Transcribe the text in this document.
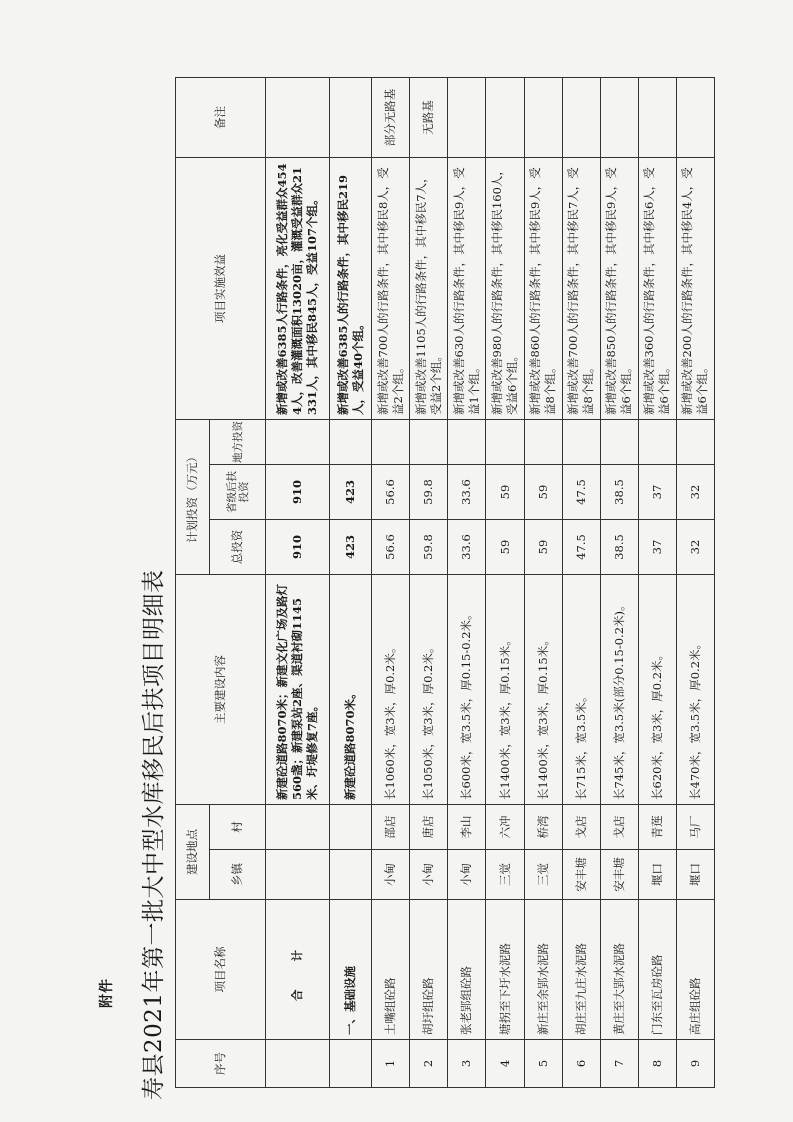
附件 寿县2021年第一批大中型水库移民后扶项目明细表	序号	项目名称	建设地点		主要建设内容	计划投资（万元）			项目实施效益	备注
		乡镇	村		总投资	省级后扶投资	地方投资		

	合 计			新建砼道路8070米；新建文化广场及路灯560盏；新建泵站2座、渠道衬砌1145米、圩堤修复7座。	910	910		新增或改善6385人行路条件，亮化受益群众4544人，改善灌溉面积13020亩，灌溉受益群众21331人，其中移民845人，受益107个组。	
	一、基础设施			新建砼道路8070米。	423	423		新增或改善6385人的行路条件，其中移民219人，受益40个组。	
1	土嘴组砼路	小甸	邵店	长1060米，宽3米，厚0.2米。	56.6	56.6		新增或改善700人的行路条件，其中移民8人，受益2个组。	部分无路基
2	胡圩组砼路	小甸	唐店	长1050米，宽3米，厚0.2米。	59.8	59.8		新增或改善1105人的行路条件，其中移民7人，受益2个组。	无路基
3	张老郢组砼路	小甸	李山	长600米，宽3.5米，厚0.15-0.2米。	33.6	33.6		新增或改善630人的行路条件，其中移民9人，受益1个组。	
4	塘拐至下圩水泥路	三觉	六冲	长1400米，宽3米，厚0.15米。	59	59		新增或改善980人的行路条件，其中移民160人，受益6个组。	
5	新庄至余郢水泥路	三觉	桥湾	长1400米，宽3米，厚0.15米。	59	59		新增或改善860人的行路条件，其中移民9人，受益8个组。	
6	胡庄至九庄水泥路	安丰塘	戈店	长715米，宽3.5米。	47.5	47.5		新增或改善700人的行路条件，其中移民7人，受益8个组。	
7	黄庄至大郢水泥路	安丰塘	戈店	长745米，宽3.5米(部分0.15-0.2米)。	38.5	38.5		新增或改善850人的行路条件，其中移民9人，受益6个组。	
8	门东至瓦房砼路	堰口	青莲	长620米，宽3米，厚0.2米。	37	37		新增或改善360人的行路条件，其中移民6人，受益6个组。	
9	高庄组砼路	堰口	马厂	长470米，宽3.5米，厚0.2米。	32	32		新增或改善200人的行路条件，其中移民4人，受益6个组。	
